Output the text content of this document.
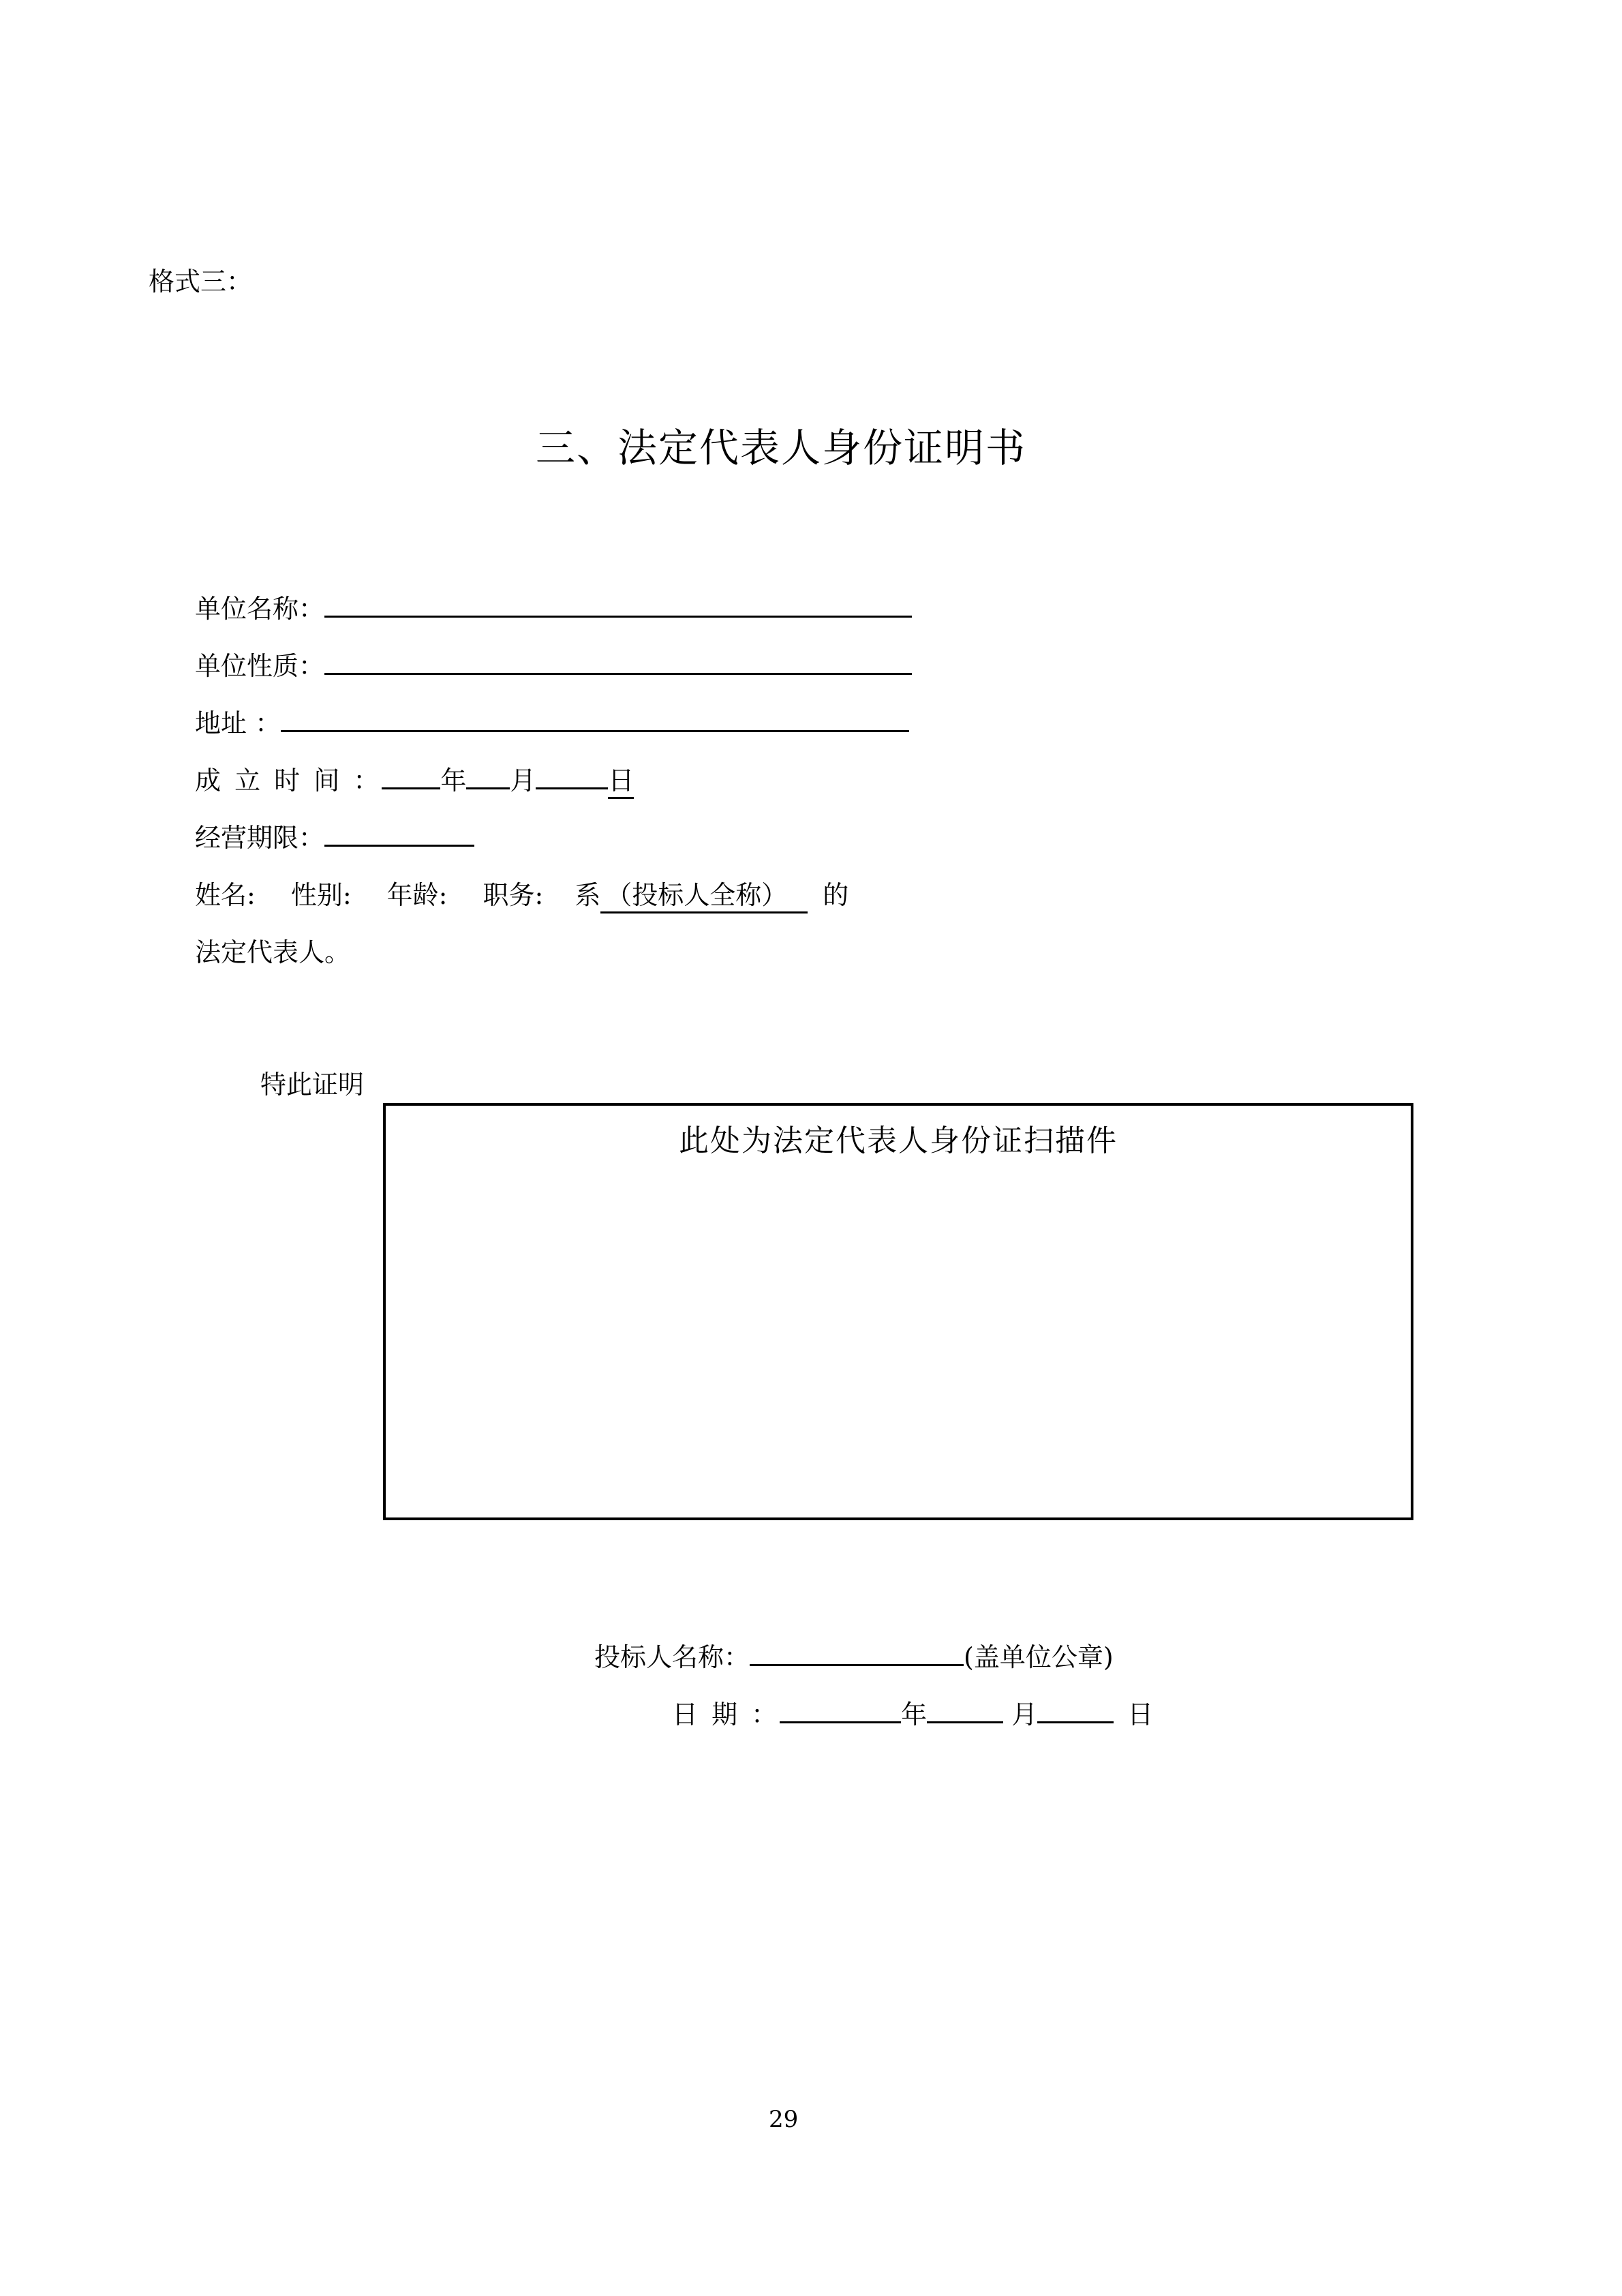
格式三：
三、法定代表人身份证明书
单位名称：
单位性质：
地址 ：
成 立 时 间 ： 年 月	日
经营期限：
姓名: 性别: 年龄: 职务: 系 （投标人全称） 的
法定代表人。
特此证明
此处为法定代表人身份证扫描件
投标人名称：	(盖单位公章)
日 期 ：	年	月	日
29
